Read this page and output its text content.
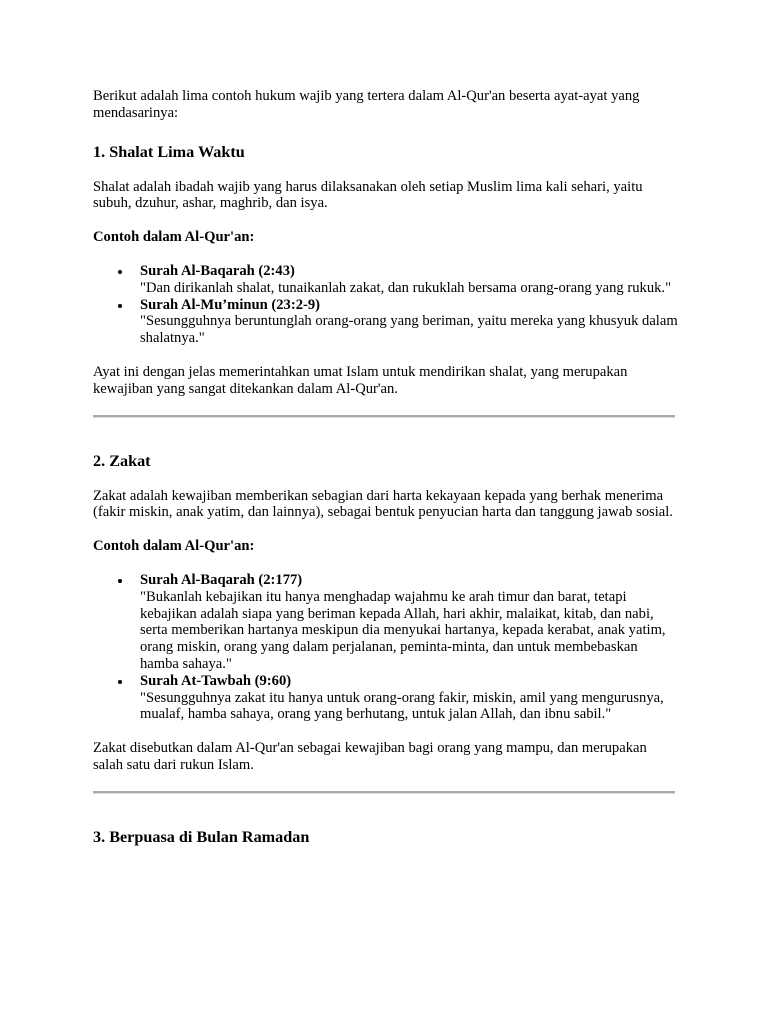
Berikut adalah lima contoh hukum wajib yang tertera dalam Al-Qur'an beserta ayat-ayat yang mendasarinya:

1. Shalat Lima Waktu

Shalat adalah ibadah wajib yang harus dilaksanakan oleh setiap Muslim lima kali sehari, yaitu subuh, dzuhur, ashar, maghrib, dan isya.

Contoh dalam Al-Qur'an:

Surah Al-Baqarah (2:43)
"Dan dirikanlah shalat, tunaikanlah zakat, dan rukuklah bersama orang-orang yang rukuk."
Surah Al-Mu’minun (23:2-9)
"Sesungguhnya beruntunglah orang-orang yang beriman, yaitu mereka yang khusyuk dalam shalatnya."

Ayat ini dengan jelas memerintahkan umat Islam untuk mendirikan shalat, yang merupakan kewajiban yang sangat ditekankan dalam Al-Qur'an.

2. Zakat

Zakat adalah kewajiban memberikan sebagian dari harta kekayaan kepada yang berhak menerima (fakir miskin, anak yatim, dan lainnya), sebagai bentuk penyucian harta dan tanggung jawab sosial.

Contoh dalam Al-Qur'an:

Surah Al-Baqarah (2:177)
"Bukanlah kebajikan itu hanya menghadap wajahmu ke arah timur dan barat, tetapi kebajikan adalah siapa yang beriman kepada Allah, hari akhir, malaikat, kitab, dan nabi, serta memberikan hartanya meskipun dia menyukai hartanya, kepada kerabat, anak yatim, orang miskin, orang yang dalam perjalanan, peminta-minta, dan untuk membebaskan hamba sahaya."
Surah At-Tawbah (9:60)
"Sesungguhnya zakat itu hanya untuk orang-orang fakir, miskin, amil yang mengurusnya, mualaf, hamba sahaya, orang yang berhutang, untuk jalan Allah, dan ibnu sabil."

Zakat disebutkan dalam Al-Qur'an sebagai kewajiban bagi orang yang mampu, dan merupakan salah satu dari rukun Islam.

3. Berpuasa di Bulan Ramadan
